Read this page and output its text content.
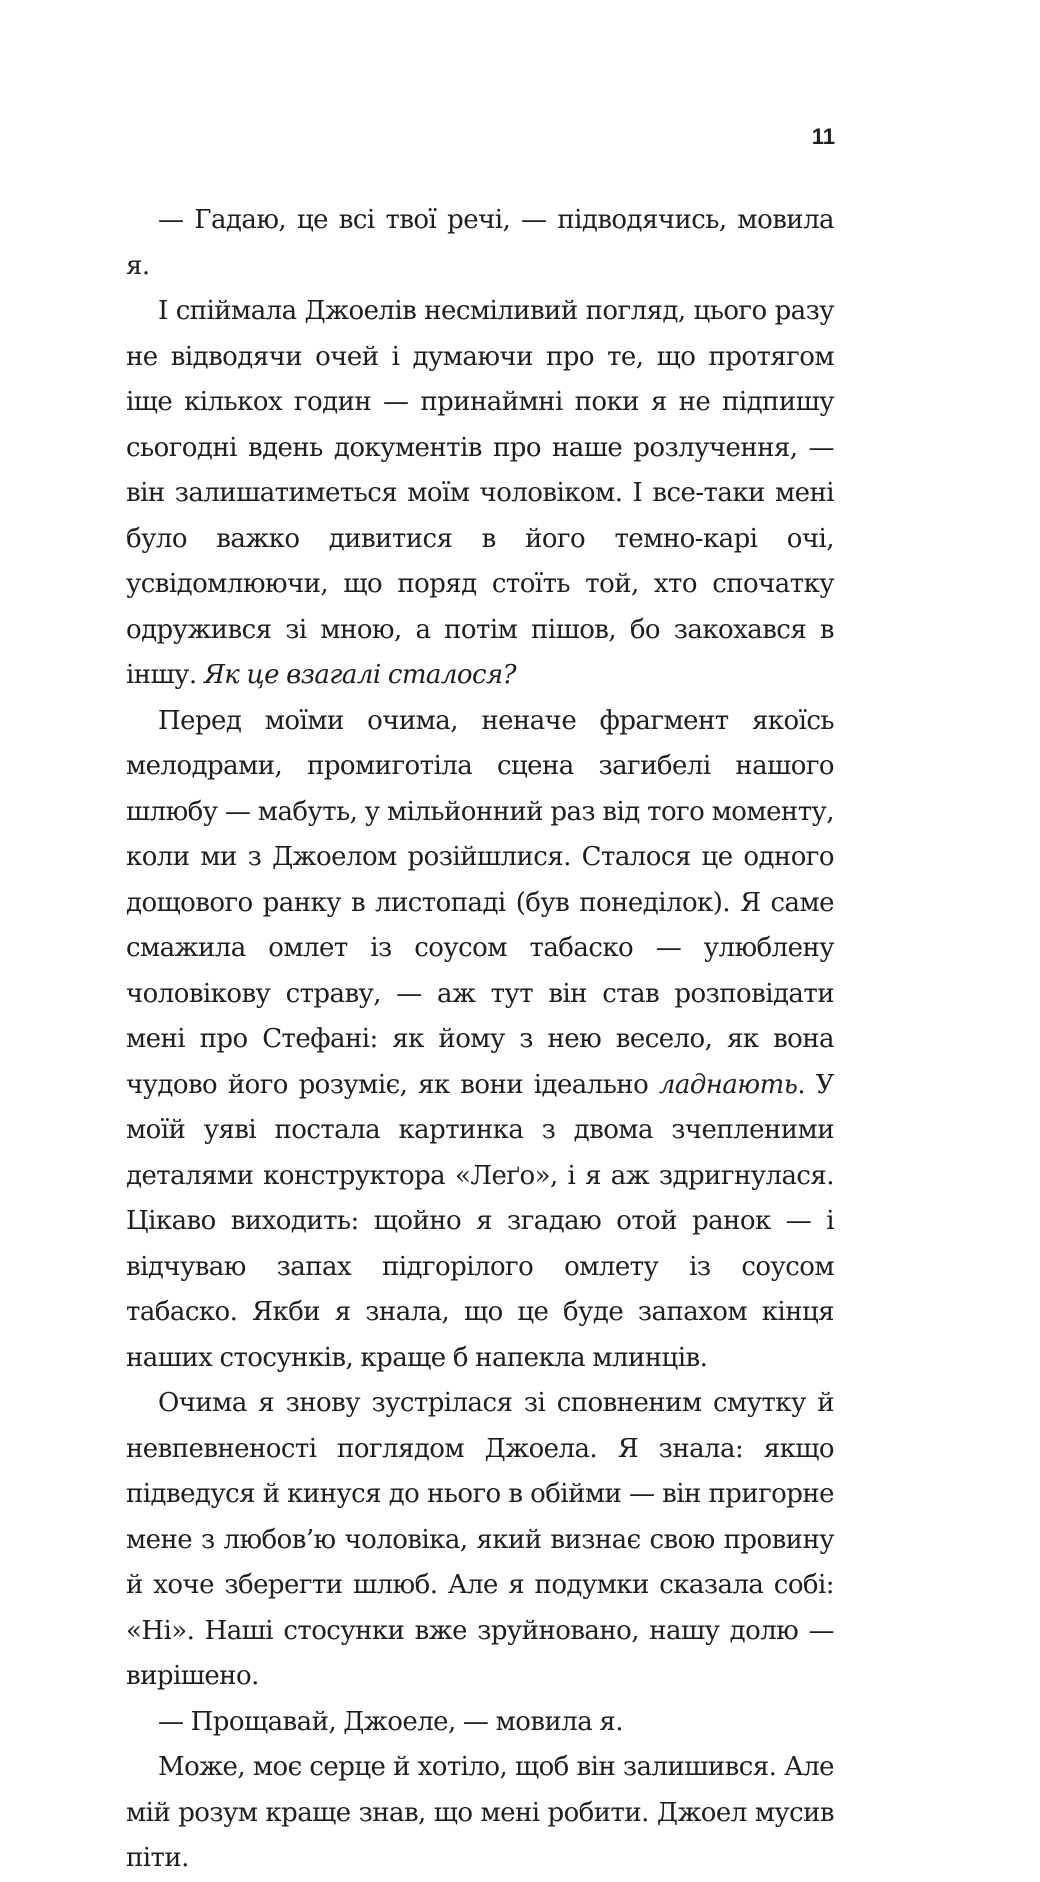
11

— Гадаю, це всі твої речі, — підводячись, мовила я.

І спіймала Джоелів несміливий погляд, цього разу не відводячи очей і думаючи про те, що протягом іще кількох годин — принаймні поки я не підпишу сьогодні вдень документів про наше розлучення, — він залишатиметься моїм чоловіком. І все-таки мені було важко дивитися в його темно-карі очі, усвідомлюючи, що поряд стоїть той, хто спочатку одружився зі мною, а потім пішов, бо закохався в іншу. Як це взагалі сталося?

Перед моїми очима, неначе фрагмент якоїсь мелодрами, промиготіла сцена загибелі нашого шлюбу — мабуть, у мільйонний раз від того моменту, коли ми з Джоелом розійшлися. Сталося це одного дощового ранку в листопаді (був понеділок). Я саме смажила омлет із соусом табаско — улюблену чоловікову страву, — аж тут він став розповідати мені про Стефані: як йому з нею весело, як вона чудово його розуміє, як вони ідеально ладнають. У моїй уяві постала картинка з двома зчепленими деталями конструктора «Леґо», і я аж здригнулася. Цікаво виходить: щойно я згадаю отой ранок — і відчуваю запах підгорілого омлету із соусом табаско. Якби я знала, що це буде запахом кінця наших стосунків, краще б напекла млинців.

Очима я знову зустрілася зі сповненим смутку й невпевненості поглядом Джоела. Я знала: якщо підведуся й кинуся до нього в обійми — він пригорне мене з любов’ю чоловіка, який визнає свою провину й хоче зберегти шлюб. Але я подумки сказала собі: «Ні». Наші стосунки вже зруйновано, нашу долю — вирішено.

— Прощавай, Джоеле, — мовила я.

Може, моє серце й хотіло, щоб він залишився. Але мій розум краще знав, що мені робити. Джоел мусив піти.
